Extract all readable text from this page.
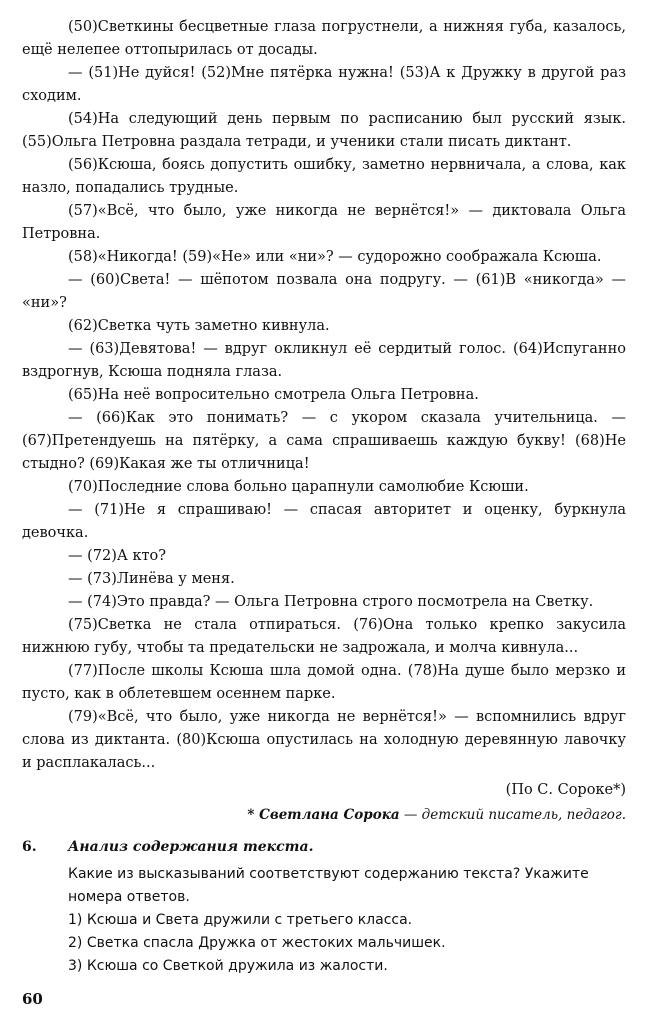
(50)Светкины бесцветные глаза погрустнели, а нижняя губа, казалось, ещё нелепее оттопырилась от досады.

— (51)Не дуйся! (52)Мне пятёрка нужна! (53)А к Дружку в другой раз сходим.

(54)На следующий день первым по расписанию был русский язык. (55)Ольга Петровна раздала тетради, и ученики стали писать диктант.

(56)Ксюша, боясь допустить ошибку, заметно нервничала, а слова, как назло, попадались трудные.

(57)«Всё, что было, уже никогда не вернётся!» — диктовала Ольга Петровна.

(58)«Никогда! (59)«Не» или «ни»? — судорожно соображала Ксюша.

— (60)Света! — шёпотом позвала она подругу. — (61)В «никогда» — «ни»?

(62)Светка чуть заметно кивнула.

— (63)Девятова! — вдруг окликнул её сердитый голос. (64)Испуганно вздрогнув, Ксюша подняла глаза.

(65)На неё вопросительно смотрела Ольга Петровна.

— (66)Как это понимать? — с укором сказала учительница. — (67)Претендуешь на пятёрку, а сама спрашиваешь каждую букву! (68)Не стыдно? (69)Какая же ты отличница!

(70)Последние слова больно царапнули самолюбие Ксюши.

— (71)Не я спрашиваю! — спасая авторитет и оценку, буркнула девочка.

— (72)А кто?

— (73)Линёва у меня.

— (74)Это правда? — Ольга Петровна строго посмотрела на Светку.

(75)Светка не стала отпираться. (76)Она только крепко закусила нижнюю губу, чтобы та предательски не задрожала, и молча кивнула...

(77)После школы Ксюша шла домой одна. (78)На душе было мерзко и пусто, как в облетевшем осеннем парке.

(79)«Всё, что было, уже никогда не вернётся!» — вспомнились вдруг слова из диктанта. (80)Ксюша опустилась на холодную деревянную лавочку и расплакалась...

(По С. Сороке*)
* Светлана Сорока — детский писатель, педагог.
6.	Анализ содержания текста.

Какие из высказываний соответствуют содержанию текста? Укажите номера ответов.

1) Ксюша и Света дружили с третьего класса.
2) Светка спасла Дружка от жестоких мальчишек.
3) Ксюша со Светкой дружила из жалости.
60
